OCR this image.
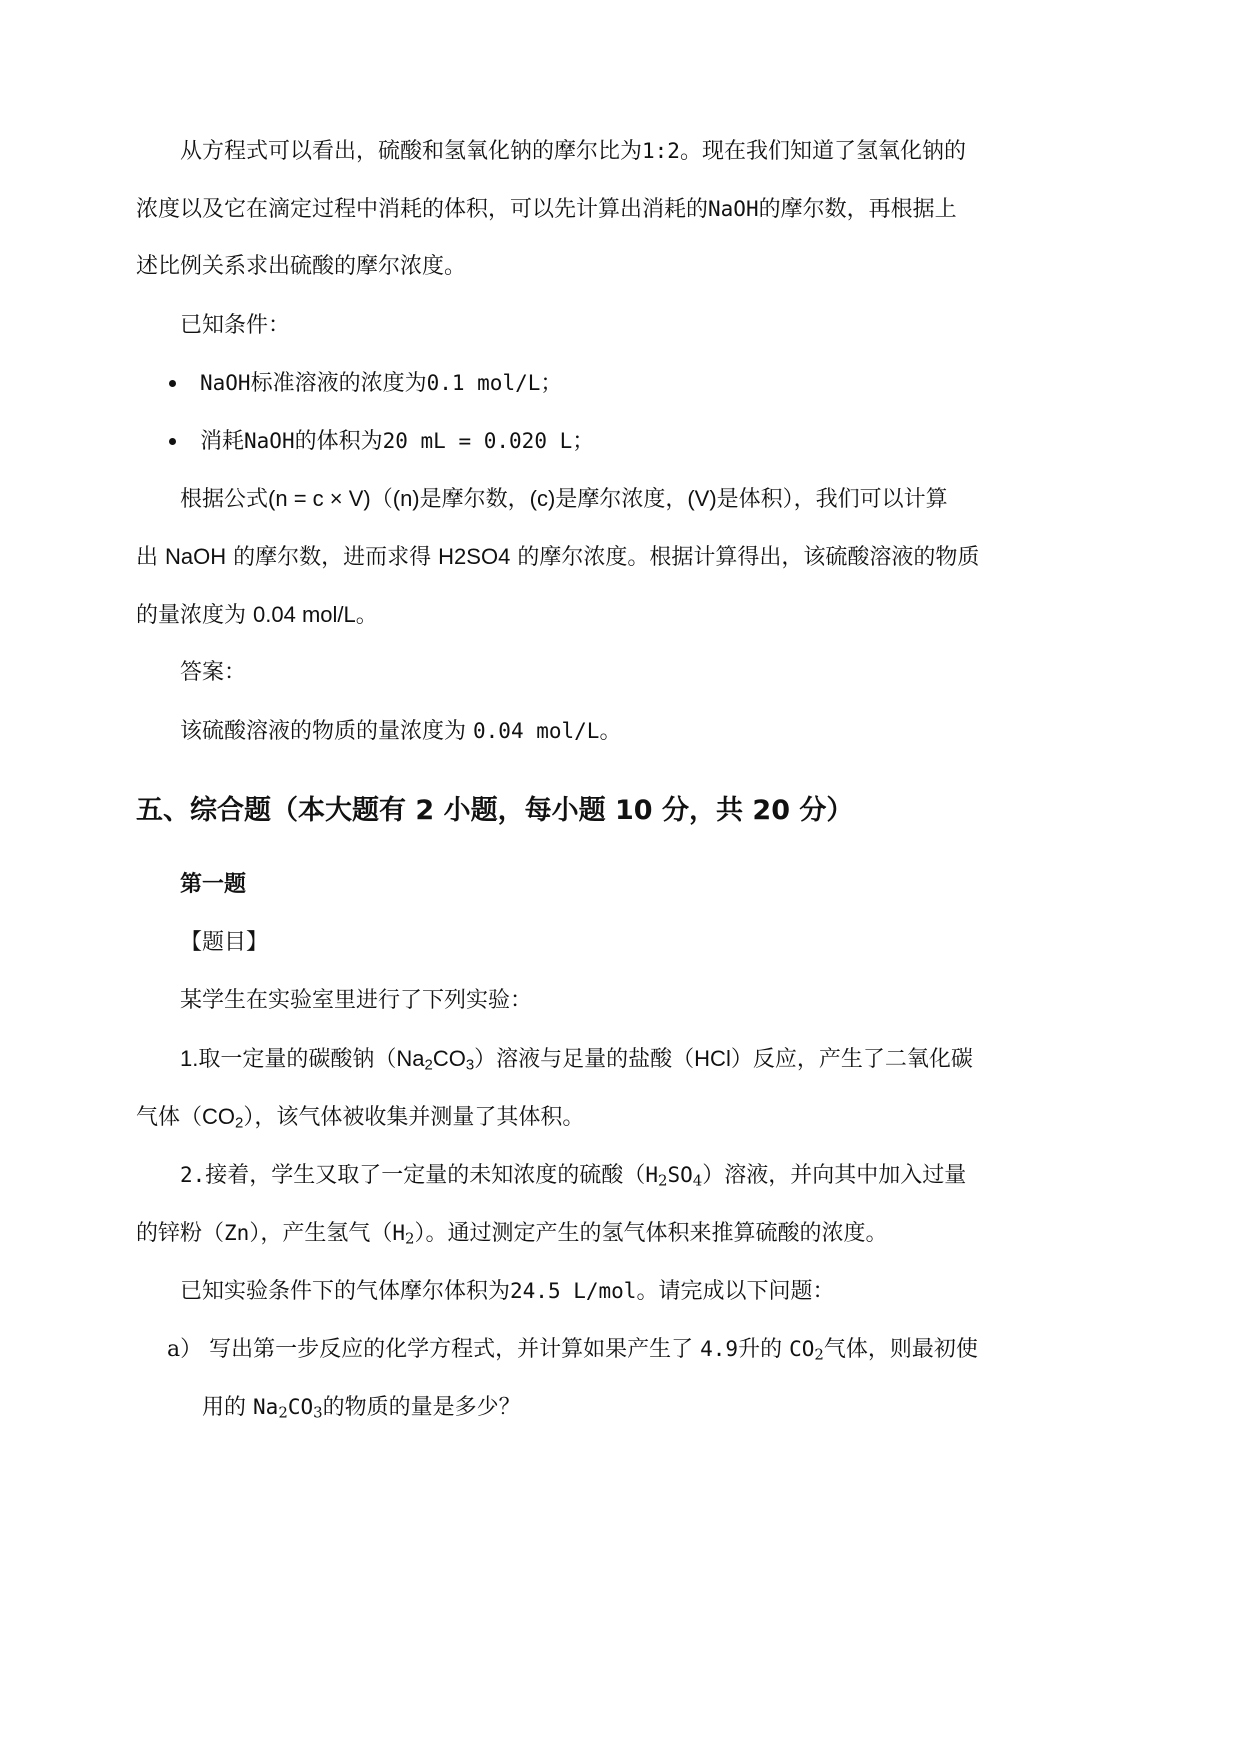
从方程式可以看出，硫酸和氢氧化钠的摩尔比为1:2。现在我们知道了氢氧化钠的
浓度以及它在滴定过程中消耗的体积，可以先计算出消耗的NaOH的摩尔数，再根据上
述比例关系求出硫酸的摩尔浓度。
已知条件：
NaOH标准溶液的浓度为0.1 mol/L；
消耗NaOH的体积为20 mL = 0.020 L；
根据公式(n = c × V)（(n)是摩尔数，(c)是摩尔浓度，(V)是体积），我们可以计算
出 NaOH 的摩尔数，进而求得 H2SO4 的摩尔浓度。根据计算得出，该硫酸溶液的物质
的量浓度为 0.04 mol/L。
答案：
该硫酸溶液的物质的量浓度为 0.04 mol/L。
五、综合题（本大题有 2 小题，每小题 10 分，共 20 分）
第一题
【题目】
某学生在实验室里进行了下列实验：
1.取一定量的碳酸钠$(Na_2CO_3)$溶液与足量的盐酸（HCl）反应，产生了二氧化碳
气体$(CO_2)$，该气体被收集并测量了其体积。
2.接着，学生又取了一定量的未知浓度的硫酸$(H_2SO_4)$溶液，并向其中加入过量
的锌粉（Zn），产生氢气$(H_2)$。通过测定产生的氢气体积来推算硫酸的浓度。
已知实验条件下的气体摩尔体积为24.5 L/mol。请完成以下问题：
a） 写出第一步反应的化学方程式，并计算如果产生了 4.9升的 $CO_2$气体，则最初使
用的 $Na_2CO_3$的物质的量是多少？
